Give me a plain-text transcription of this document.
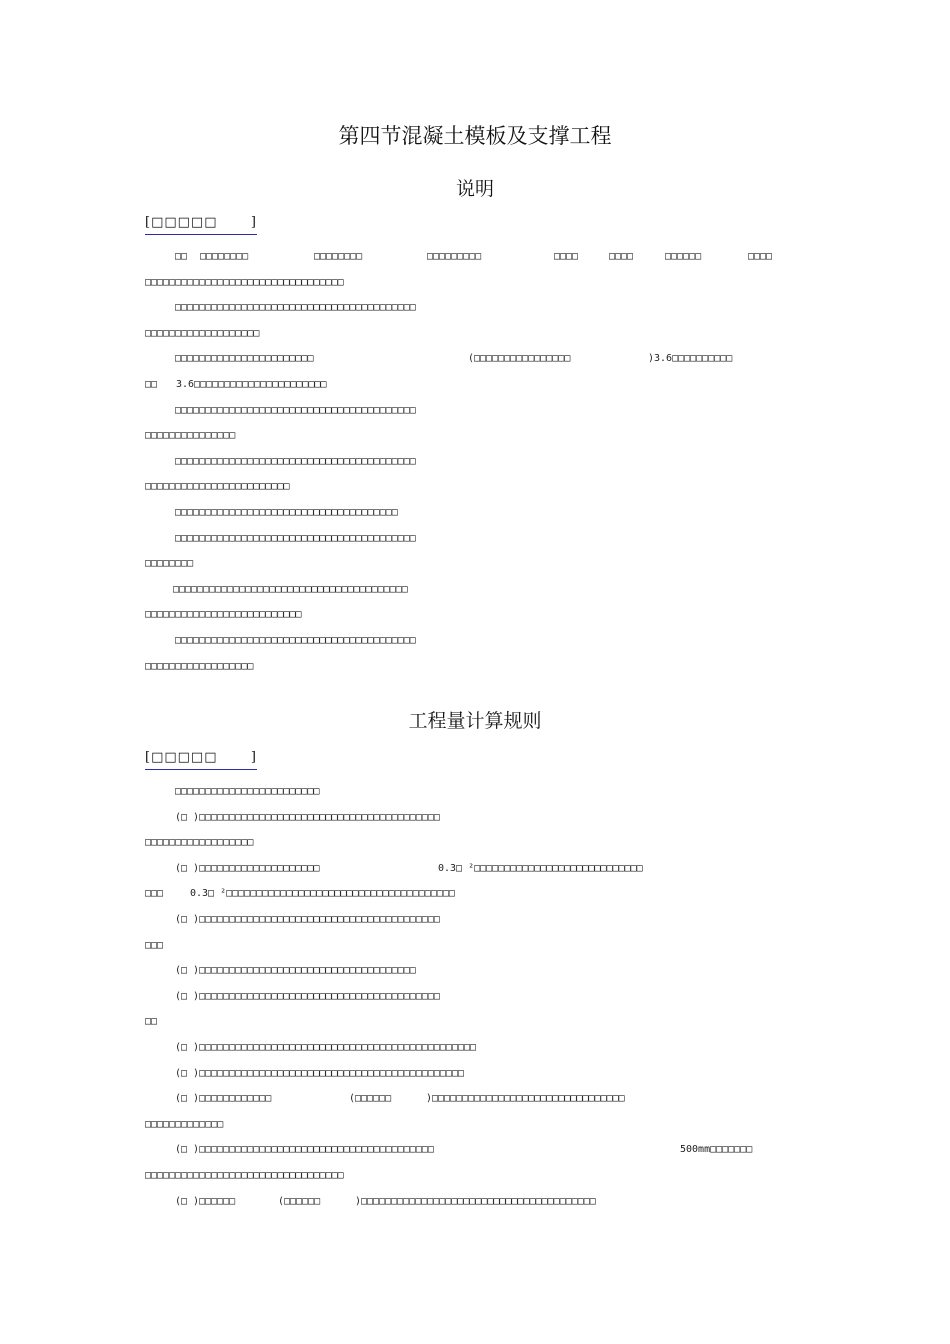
第四节混凝土模板及支撑工程
说明
[□□□□□	]
□□ □□□□□□□□	□□□□□□□□	□□□□□□□□□	□□□□	□□□□	□□□□□□	□□□□
□□□□□□□□□□□□□□□□□□□□□□□□□□□□□□□□□
□□□□□□□□□□□□□□□□□□□□□□□□□□□□□□□□□□□□□□□□
□□□□□□□□□□□□□□□□□□□
□□□□□□□□□□□□□□□□□□□□□□□	(□□□□□□□□□□□□□□□□	)3.6□□□□□□□□□□
□□ 3.6□□□□□□□□□□□□□□□□□□□□□□
□□□□□□□□□□□□□□□□□□□□□□□□□□□□□□□□□□□□□□□□
□□□□□□□□□□□□□□□
□□□□□□□□□□□□□□□□□□□□□□□□□□□□□□□□□□□□□□□□
□□□□□□□□□□□□□□□□□□□□□□□□
□□□□□□□□□□□□□□□□□□□□□□□□□□□□□□□□□□□□□
□□□□□□□□□□□□□□□□□□□□□□□□□□□□□□□□□□□□□□□□
□□□□□□□□
□□□□□□□□□□□□□□□□□□□□□□□□□□□□□□□□□□□□□□□
□□□□□□□□□□□□□□□□□□□□□□□□□□
□□□□□□□□□□□□□□□□□□□□□□□□□□□□□□□□□□□□□□□□
□□□□□□□□□□□□□□□□□□
工程量计算规则
[□□□□□	]
□□□□□□□□□□□□□□□□□□□□□□□□
(□ )□□□□□□□□□□□□□□□□□□□□□□□□□□□□□□□□□□□□□□□□
□□□□□□□□□□□□□□□□□□
(□ )□□□□□□□□□□□□□□□□□□□□	0.3□ ²□□□□□□□□□□□□□□□□□□□□□□□□□□□□
□□□	0.3□ ²□□□□□□□□□□□□□□□□□□□□□□□□□□□□□□□□□□□□□□
(□ )□□□□□□□□□□□□□□□□□□□□□□□□□□□□□□□□□□□□□□□□
□□□
(□ )□□□□□□□□□□□□□□□□□□□□□□□□□□□□□□□□□□□□
(□ )□□□□□□□□□□□□□□□□□□□□□□□□□□□□□□□□□□□□□□□□
□□
(□ )□□□□□□□□□□□□□□□□□□□□□□□□□□□□□□□□□□□□□□□□□□□□□□
(□ )□□□□□□□□□□□□□□□□□□□□□□□□□□□□□□□□□□□□□□□□□□□□
(□ )□□□□□□□□□□□□	(□□□□□□	)□□□□□□□□□□□□□□□□□□□□□□□□□□□□□□□□
□□□□□□□□□□□□□
(□ )□□□□□□□□□□□□□□□□□□□□□□□□□□□□□□□□□□□□□□□	500mm□□□□□□□
□□□□□□□□□□□□□□□□□□□□□□□□□□□□□□□□□
(□ )□□□□□□	(□□□□□□	)□□□□□□□□□□□□□□□□□□□□□□□□□□□□□□□□□□□□□□□
